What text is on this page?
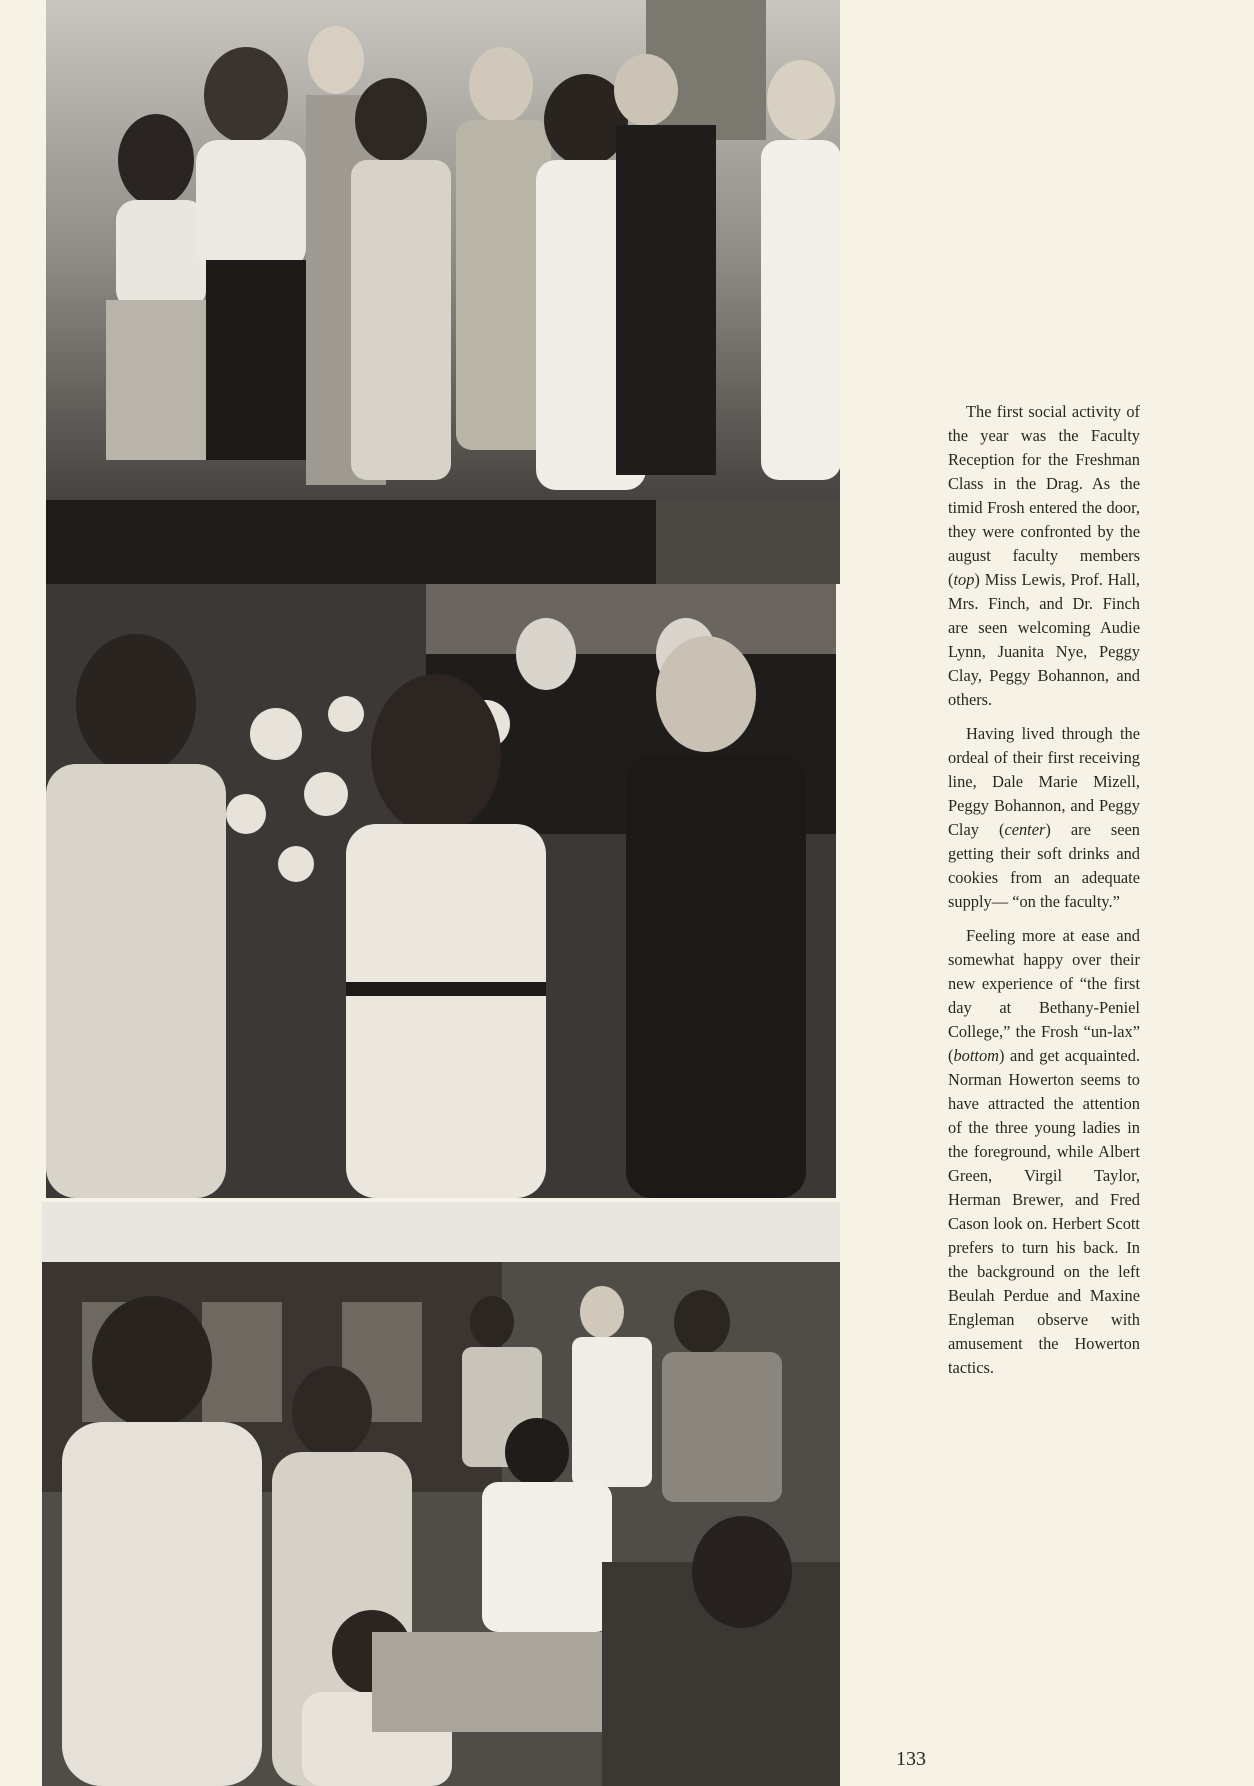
The first social activity of the year was the Faculty Reception for the Freshman Class in the Drag. As the timid Frosh entered the door, they were confronted by the august faculty members (top) Miss Lewis, Prof. Hall, Mrs. Finch, and Dr. Finch are seen welcoming Audie Lynn, Juanita Nye, Peggy Clay, Peggy Bohannon, and others.

Having lived through the ordeal of their first receiving line, Dale Marie Mizell, Peggy Bohannon, and Peggy Clay (center) are seen getting their soft drinks and cookies from an adequate supply— “on the faculty.”

Feeling more at ease and somewhat happy over their new experience of “the first day at Bethany-Peniel College,” the Frosh “un-lax” (bottom) and get acquainted. Norman Howerton seems to have attracted the attention of the three young ladies in the foreground, while Albert Green, Virgil Taylor, Herman Brewer, and Fred Cason look on. Herbert Scott prefers to turn his back. In the background on the left Beulah Perdue and Maxine Engleman observe with amusement the Howerton tactics.

133
